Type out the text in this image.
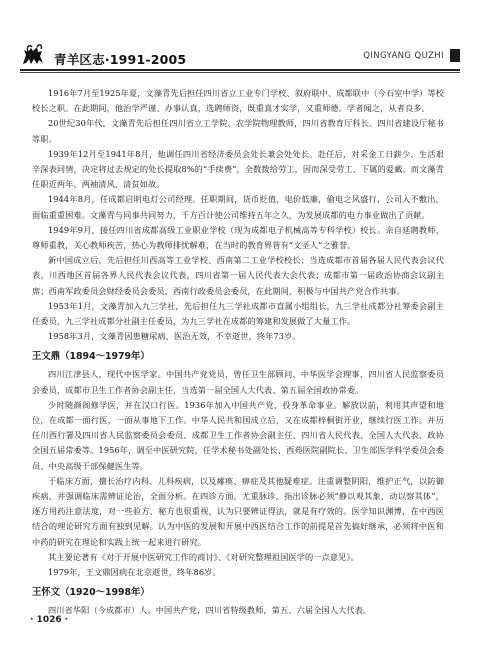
青羊区志·1991-2005	QINGYANG QUZHI

1916年7月至1925年夏，文藻青先后担任四川省立工业专门学校、叙府联中、成都联中（今石室中学）等校校长之职。在此期间，他治学严谨、办事认真，选聘师资，既重真才实学，又重师德。学者闻之，从者良多。

20世纪30年代，文藻青先后担任四川省立工学院、农学院物理教师，四川省教育厅科长、四川省建设厅秘书等职。

1939年12月至1941年8月，他调任四川省经济委员会处长兼会处处长。赴任后，对采金工日薪少、生活艰辛深表同情，决定将过去规定的处长提取8%的“手续费”，全数拨给劳工，因而深受劳工、下属的爱戴。而文藻青任职近两年，两袖清风、清贫如故。

1944年8月，任成都启明电灯公司经理。任职期间，货币贬值，电价低廉，偷电之风盛行，公司入不敷出，面临重重困难。文藻青与同事共同努力，千方百计使公司维持五年之久，为发展成都的电力事业做出了贡献。

1949年9月，接任四川省成都高级工业职业学校（现为成都电子机械高等专科学校）校长。亲自延聘教师，尊师重教，关心教师疾苦，热心为教师排忧解难，在当时的教育界皆有“文圣人”之雅誉。

新中国成立后，先后担任川西高等工业学校、西南第二工业学校校长；当选成都市首届各届人民代表会议代表，川西地区首届各界人民代表会议代表，四川省第一届人民代表大会代表；成都市第一届政治协商会议副主席；西南军政委员会财经委员会委员，西南行政委员会委员，在此期间，积极与中国共产党合作共事。

1953年1月，文藻青加入九三学社，先后担任九三学社成都市直属小组组长，九三学社成都分社筹委会副主任委员，九三学社成都分社副主任委员，为九三学社在成都的筹建和发展做了大量工作。

1958年3月，文藻青因患糖尿病，医治无效，不幸逝世，终年73岁。

王文鼎（1894～1979年）

四川江津县人，现代中医学家。中国共产党党员，曾任卫生部顾问、中华医学会理事，四川省人民监察委员会委员，成都市卫生工作者协会副主任，当选第一届全国人大代表、第五届全国政协常委。

少时随颜阁修学医，并在汉口行医。1936年加入中国共产党，投身革命事业。解放以前，利用其声望和地位，在成都一面行医，一面从事地下工作。中华人民共和国成立后，又在成都梓桐街开业，继续行医工作。并历任川西行署及四川省人民监察委员会委员、成都卫生工作者协会副主任、四川省人民代表、全国人大代表、政协全国五届常委等。1956年，调至中医研究院，任学术秘书处副处长、西苑医院副院长、卫生部医学科学委员会委员、中央高级干部保健医生等。

于临床方面，擅长治疗内科、儿科疾病，以及瘫痪、痹症及其他疑难症。注重调整阴阳，维护正气，以防御疾病，并强调临床需辨证论治，全面分析。在四诊方面，尤重脉诊，指出诊脉必须“静以观其象，动以察其体”，逐方用药注意法度，对一些验方、秘方也很重视，认为只要辨证得法，就是有疗效的。医学知识渊博，在中西医结合的理论研究方面有独到见解。认为中医的发展和开展中西医结合工作的前提是首先搞好继承，必须将中医和中药的研究在理论和实践上统一起来进行研究。

其主要论著有《对于开展中医研究工作的商讨》、《对研究整理祖国医学的一点意见》。

1979年，王文鼎因病在北京逝世，终年86岁。

王怀文（1920～1998年）

四川省华阳（今成都市）人。中国共产党，四川省特级教师，第五、六届全国人大代表。

· 1026 ·
